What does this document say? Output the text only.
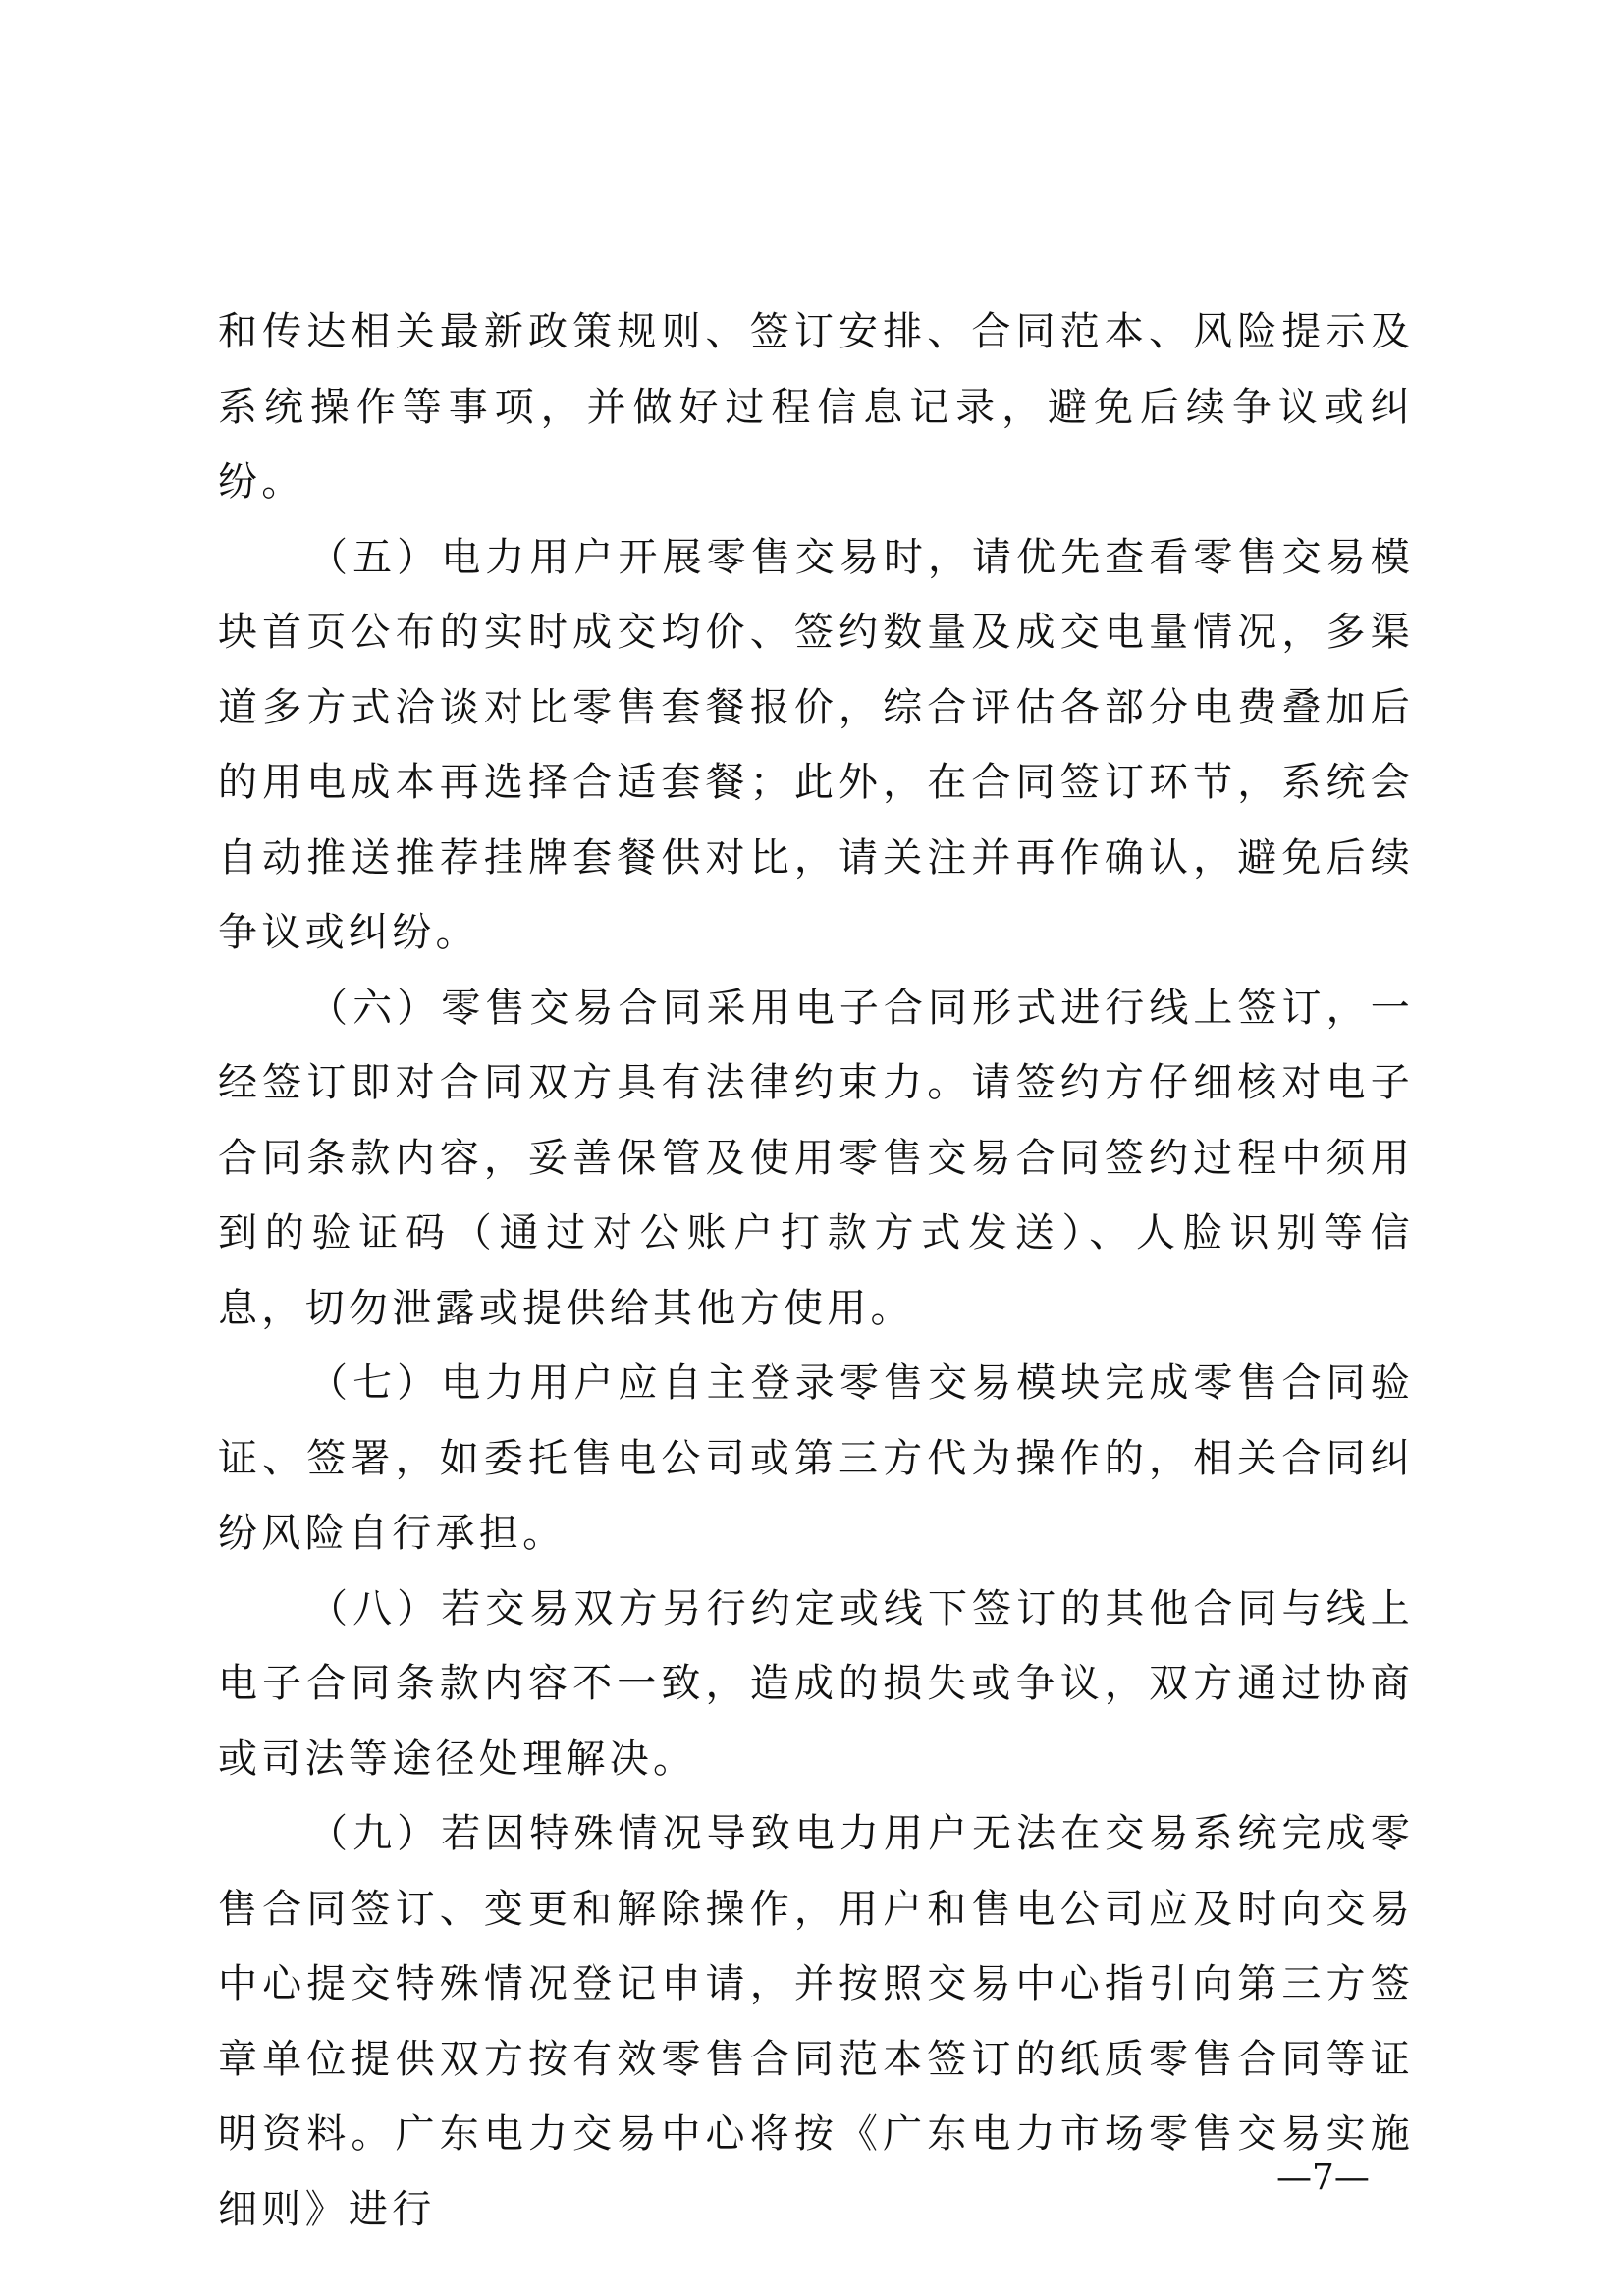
和传达相关最新政策规则、签订安排、合同范本、风险提示及系统操作等事项，并做好过程信息记录，避免后续争议或纠纷。

（五）电力用户开展零售交易时，请优先查看零售交易模块首页公布的实时成交均价、签约数量及成交电量情况，多渠道多方式洽谈对比零售套餐报价，综合评估各部分电费叠加后的用电成本再选择合适套餐；此外，在合同签订环节，系统会自动推送推荐挂牌套餐供对比，请关注并再作确认，避免后续争议或纠纷。

（六）零售交易合同采用电子合同形式进行线上签订，一经签订即对合同双方具有法律约束力。请签约方仔细核对电子合同条款内容，妥善保管及使用零售交易合同签约过程中须用到的验证码（通过对公账户打款方式发送）、人脸识别等信息，切勿泄露或提供给其他方使用。

（七）电力用户应自主登录零售交易模块完成零售合同验证、签署，如委托售电公司或第三方代为操作的，相关合同纠纷风险自行承担。

（八）若交易双方另行约定或线下签订的其他合同与线上电子合同条款内容不一致，造成的损失或争议，双方通过协商或司法等途径处理解决。

（九）若因特殊情况导致电力用户无法在交易系统完成零售合同签订、变更和解除操作，用户和售电公司应及时向交易中心提交特殊情况登记申请，并按照交易中心指引向第三方签章单位提供双方按有效零售合同范本签订的纸质零售合同等证明资料。广东电力交易中心将按《广东电力市场零售交易实施细则》进行

—7—
